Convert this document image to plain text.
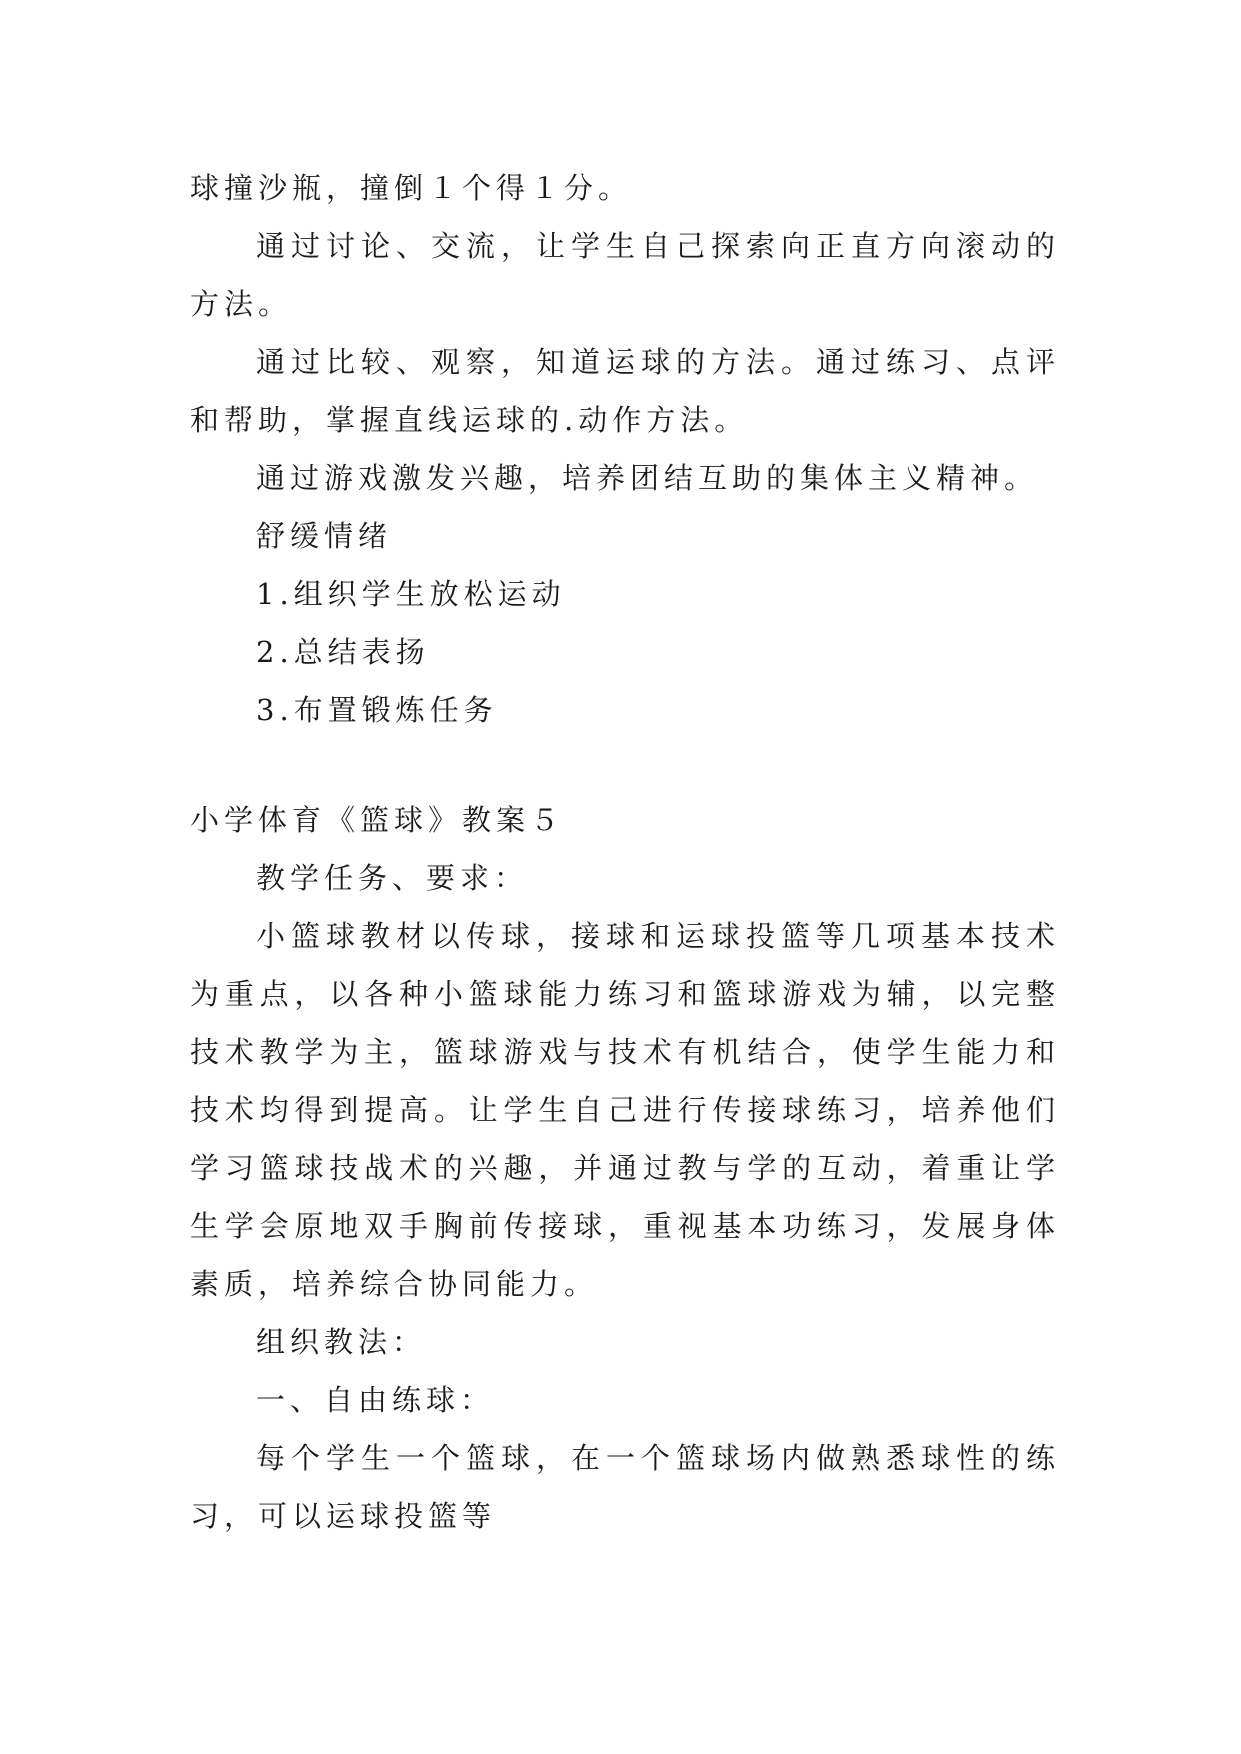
球撞沙瓶，撞倒１个得１分。

通过讨论、交流，让学生自己探索向正直方向滚动的方法。

通过比较、观察，知道运球的方法。通过练习、点评和帮助，掌握直线运球的.动作方法。

通过游戏激发兴趣，培养团结互助的集体主义精神。

舒缓情绪

1.组织学生放松运动

2.总结表扬

3.布置锻炼任务

小学体育《篮球》教案５

教学任务、要求：

小篮球教材以传球，接球和运球投篮等几项基本技术为重点，以各种小篮球能力练习和篮球游戏为辅，以完整技术教学为主，篮球游戏与技术有机结合，使学生能力和技术均得到提高。让学生自己进行传接球练习，培养他们学习篮球技战术的兴趣，并通过教与学的互动，着重让学生学会原地双手胸前传接球，重视基本功练习，发展身体素质，培养综合协同能力。

组织教法：

一、自由练球：

每个学生一个篮球，在一个篮球场内做熟悉球性的练习，可以运球投篮等
